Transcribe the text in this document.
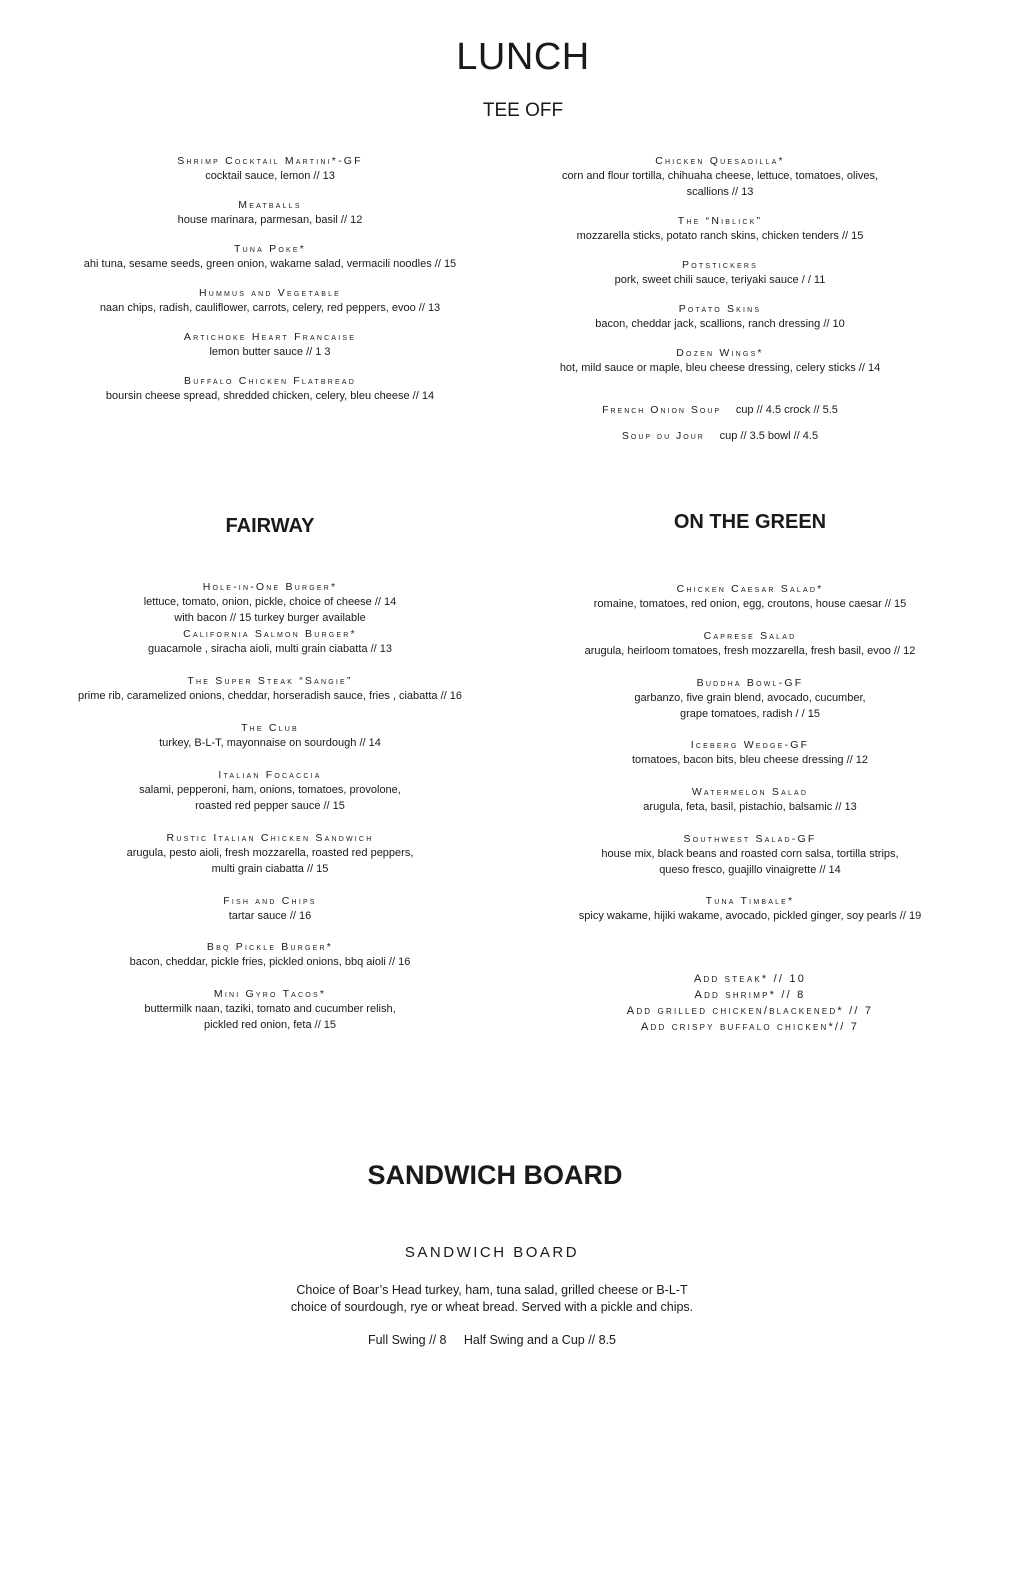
LUNCH
TEE OFF
Shrimp Cocktail Martini*-GF
cocktail sauce, lemon // 13
Meatballs
house marinara, parmesan, basil // 12
Tuna Poke*
ahi tuna, sesame seeds, green onion, wakame salad, vermacili noodles // 15
Hummus and Vegetable
naan chips, radish, cauliflower, carrots, celery, red peppers, evoo // 13
Artichoke Heart Francaise
lemon butter sauce // 1 3
Buffalo Chicken Flatbread
boursin cheese spread, shredded chicken, celery, bleu cheese // 14
Chicken Quesadilla*
corn and flour tortilla, chihuaha cheese, lettuce, tomatoes, olives,
scallions // 13
The “Niblick”
mozzarella sticks, potato ranch skins, chicken tenders // 15
Potstickers
pork, sweet chili sauce, teriyaki sauce / / 11
Potato Skins
bacon, cheddar jack, scallions, ranch dressing // 10
Dozen Wings*
hot, mild sauce or maple, bleu cheese dressing, celery sticks // 14
French Onion Soup cup // 4.5 crock // 5.5
Soup du Jour cup // 3.5 bowl // 4.5
FAIRWAY	ON THE GREEN
Hole-in-One Burger*
lettuce, tomato, onion, pickle, choice of cheese // 14
with bacon // 15 turkey burger available
California Salmon Burger*
guacamole , siracha aioli, multi grain ciabatta // 13
The Super Steak “Sangie”
prime rib, caramelized onions, cheddar, horseradish sauce, fries , ciabatta // 16
The Club
turkey, B-L-T, mayonnaise on sourdough // 14
Italian Focaccia
salami, pepperoni, ham, onions, tomatoes, provolone,
roasted red pepper sauce // 15
Rustic Italian Chicken Sandwich
arugula, pesto aioli, fresh mozzarella, roasted red peppers,
multi grain ciabatta // 15
Fish and Chips
tartar sauce // 16
Bbq Pickle Burger*
bacon, cheddar, pickle fries, pickled onions, bbq aioli // 16
Mini Gyro Tacos*
buttermilk naan, taziki, tomato and cucumber relish,
pickled red onion, feta // 15
Chicken Caesar Salad*
romaine, tomatoes, red onion, egg, croutons, house caesar // 15
Caprese Salad
arugula, heirloom tomatoes, fresh mozzarella, fresh basil, evoo // 12
Buddha Bowl-GF
garbanzo, five grain blend, avocado, cucumber,
grape tomatoes, radish / / 15
Iceberg Wedge-GF
tomatoes, bacon bits, bleu cheese dressing // 12
Watermelon Salad
arugula, feta, basil, pistachio, balsamic // 13
Southwest Salad-GF
house mix, black beans and roasted corn salsa, tortilla strips,
queso fresco, guajillo vinaigrette // 14
Tuna Timbale*
spicy wakame, hijiki wakame, avocado, pickled ginger, soy pearls // 19
Add steak* // 10
Add shrimp* // 8
Add grilled chicken/blackened* // 7
Add crispy buffalo chicken*// 7
SANDWICH BOARD
SANDWICH BOARD
Choice of Boar’s Head turkey, ham, tuna salad, grilled cheese or B-L-T
choice of sourdough, rye or wheat bread. Served with a pickle and chips.
Full Swing // 8     Half Swing and a Cup // 8.5
